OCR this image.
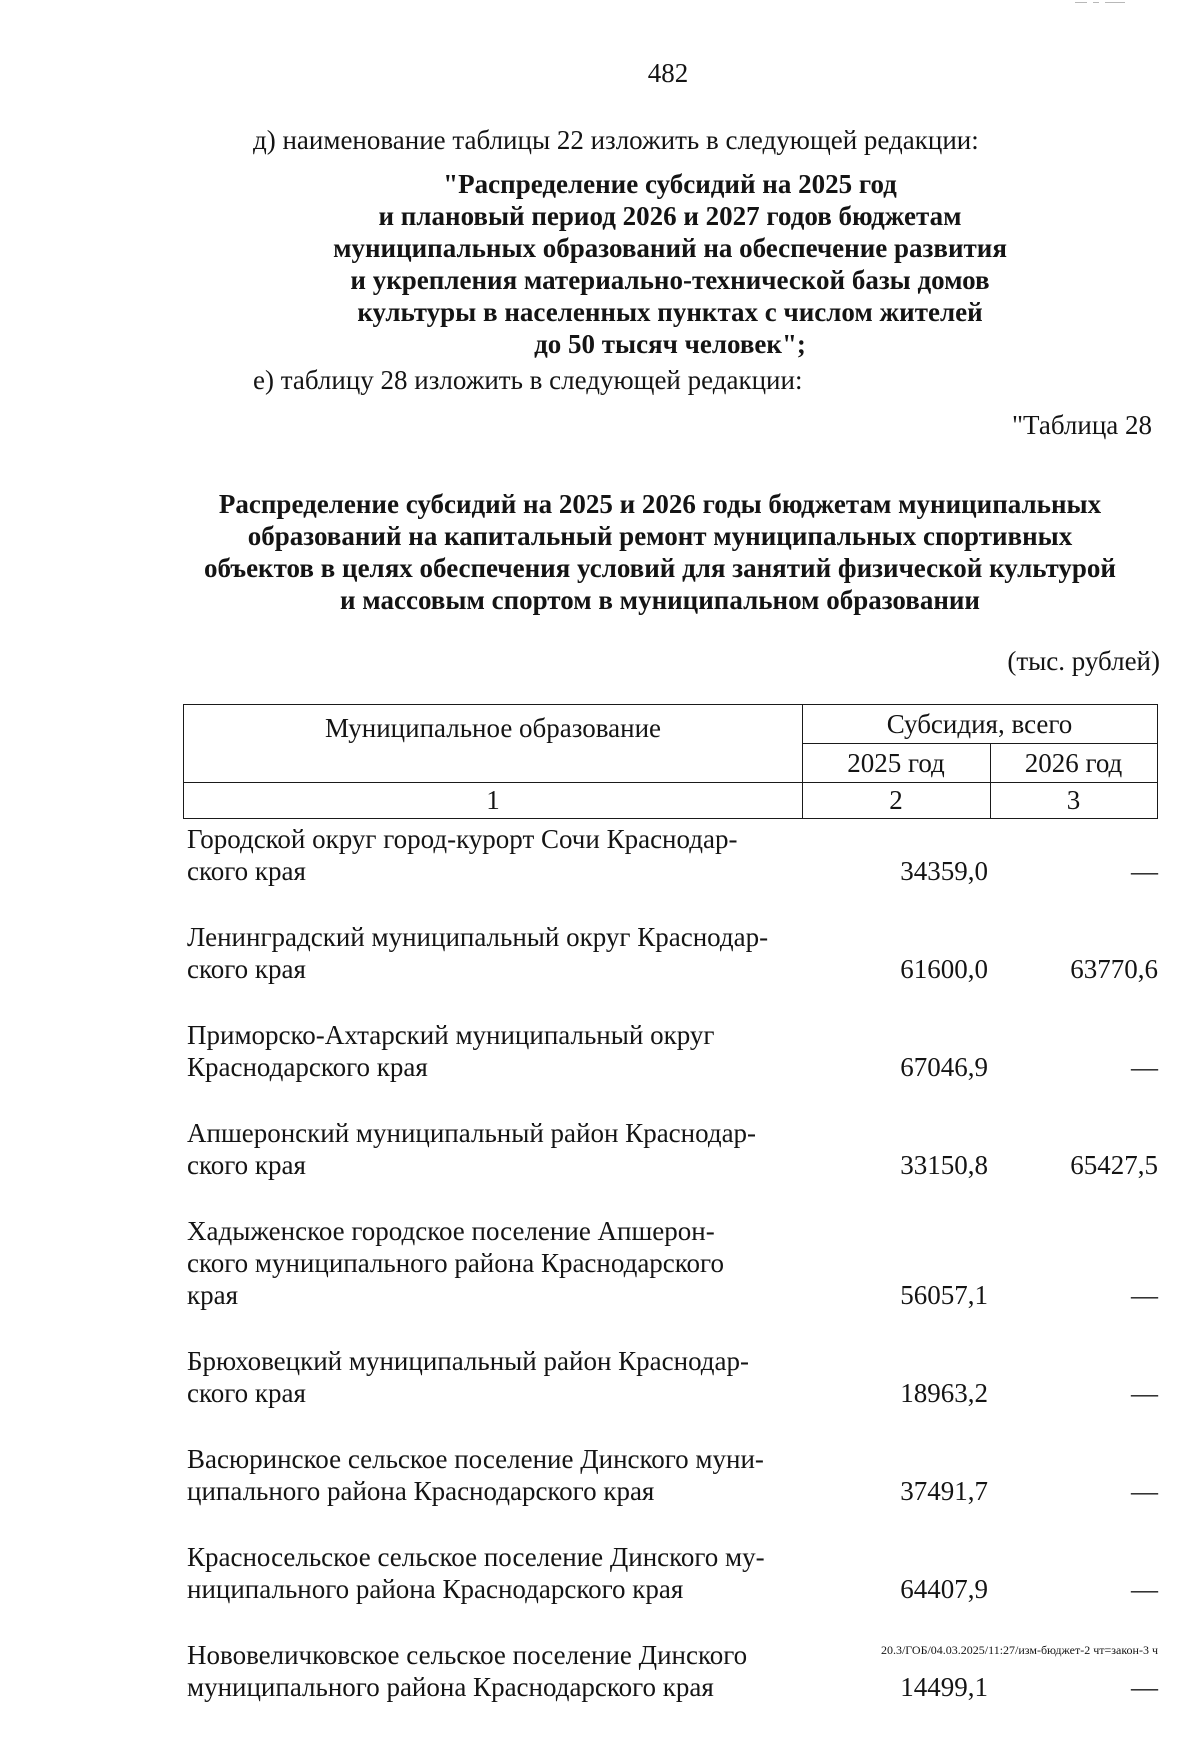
482
д) наименование таблицы 22 изложить в следующей редакции:
"Распределение субсидий на 2025 год
и плановый период 2026 и 2027 годов бюджетам
муниципальных образований на обеспечение развития
и укрепления материально-технической базы домов
культуры в населенных пунктах с числом жителей
до 50 тысяч человек";
е) таблицу 28 изложить в следующей редакции:
"Таблица 28
Распределение субсидий на 2025 и 2026 годы бюджетам муниципальных
образований на капитальный ремонт муниципальных спортивных
объектов в целях обеспечения условий для занятий физической культурой
и массовым спортом в муниципальном образовании
(тыс. рублей)
Муниципальное образование	Субсидия, всего
2025 год	2026 год
1	2	3
Городской округ город-курорт Сочи Краснодар-
ского края	34359,0	—
Ленинградский муниципальный округ Краснодар-
ского края	61600,0	63770,6
Приморско-Ахтарский муниципальный округ
Краснодарского края	67046,9	—
Апшеронский муниципальный район Краснодар-
ского края	33150,8	65427,5
Хадыженское городское поселение Апшерон-
ского муниципального района Краснодарского
края	56057,1	—
Брюховецкий муниципальный район Краснодар-
ского края	18963,2	—
Васюринское сельское поселение Динского муни-
ципального района Краснодарского края	37491,7	—
Красносельское сельское поселение Динского му-
ниципального района Краснодарского края	64407,9	—
Нововеличковское сельское поселение Динского
муниципального района Краснодарского края	14499,1	—
20.3/ГОБ/04.03.2025/11:27/изм-бюджет-2 чт=закон-3 ч
